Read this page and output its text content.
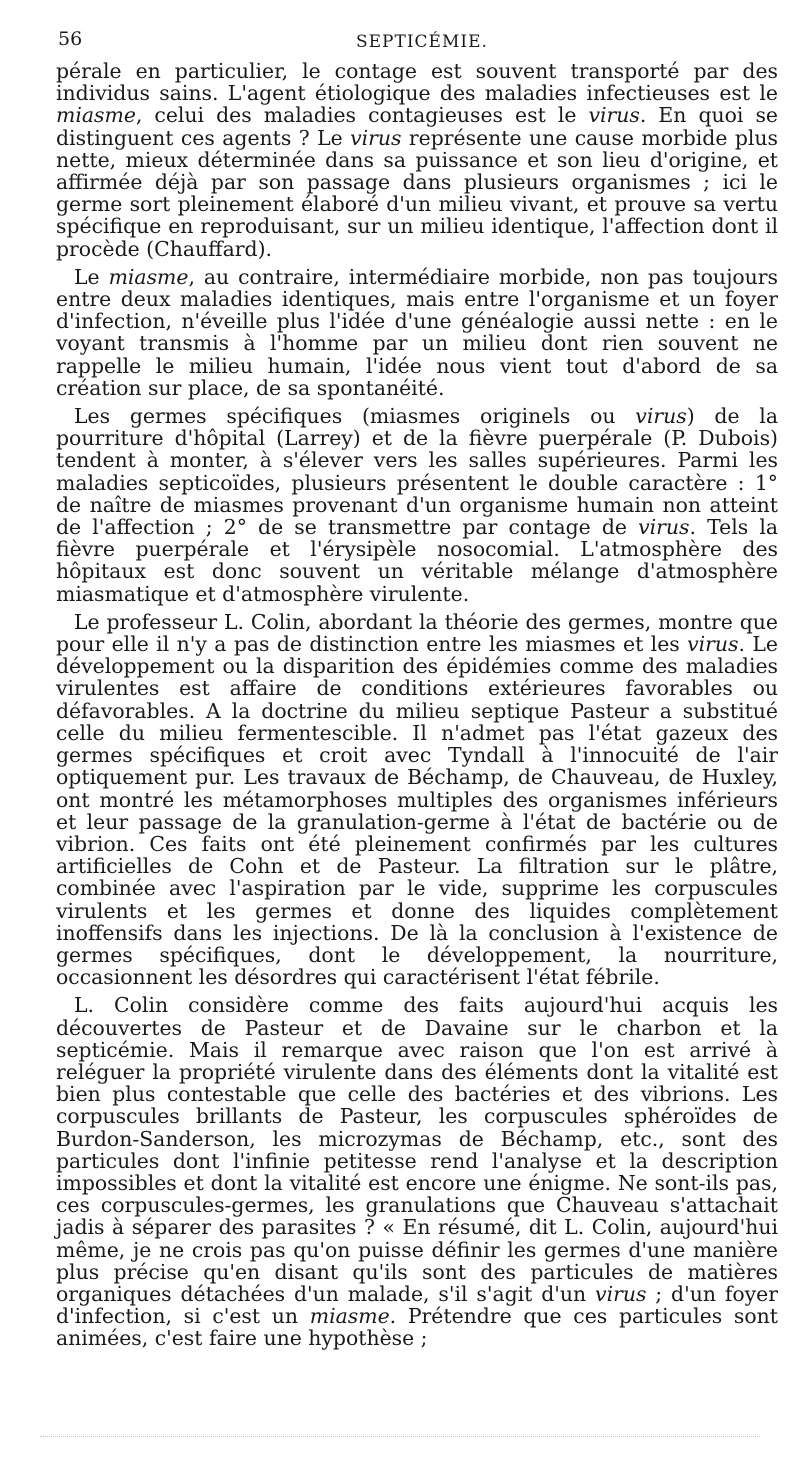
56	SEPTICÉMIE.

pérale en particulier, le contage est souvent transporté par des individus sains. L'agent étiologique des maladies infectieuses est le miasme, celui des maladies contagieuses est le virus. En quoi se distinguent ces agents ? Le virus représente une cause morbide plus nette, mieux déterminée dans sa puissance et son lieu d'origine, et affirmée déjà par son passage dans plusieurs organismes ; ici le germe sort pleinement élaboré d'un milieu vivant, et prouve sa vertu spécifique en reproduisant, sur un milieu identique, l'affection dont il procède (Chauffard).

Le miasme, au contraire, intermédiaire morbide, non pas toujours entre deux maladies identiques, mais entre l'organisme et un foyer d'infection, n'éveille plus l'idée d'une généalogie aussi nette : en le voyant transmis à l'homme par un milieu dont rien souvent ne rappelle le milieu humain, l'idée nous vient tout d'abord de sa création sur place, de sa spontanéité.

Les germes spécifiques (miasmes originels ou virus) de la pourriture d'hôpital (Larrey) et de la fièvre puerpérale (P. Dubois) tendent à monter, à s'élever vers les salles supérieures. Parmi les maladies septicoïdes, plusieurs présentent le double caractère : 1° de naître de miasmes provenant d'un organisme humain non atteint de l'affection ; 2° de se transmettre par contage de virus. Tels la fièvre puerpérale et l'érysipèle nosocomial. L'atmosphère des hôpitaux est donc souvent un véritable mélange d'atmosphère miasmatique et d'atmosphère virulente.

Le professeur L. Colin, abordant la théorie des germes, montre que pour elle il n'y a pas de distinction entre les miasmes et les virus. Le développement ou la disparition des épidémies comme des maladies virulentes est affaire de conditions extérieures favorables ou défavorables. A la doctrine du milieu septique Pasteur a substitué celle du milieu fermentescible. Il n'admet pas l'état gazeux des germes spécifiques et croit avec Tyndall à l'innocuité de l'air optiquement pur. Les travaux de Béchamp, de Chauveau, de Huxley, ont montré les métamorphoses multiples des organismes inférieurs et leur passage de la granulation-germe à l'état de bactérie ou de vibrion. Ces faits ont été pleinement confirmés par les cultures artificielles de Cohn et de Pasteur. La filtration sur le plâtre, combinée avec l'aspiration par le vide, supprime les corpuscules virulents et les germes et donne des liquides complètement inoffensifs dans les injections. De là la conclusion à l'existence de germes spécifiques, dont le développement, la nourriture, occasionnent les désordres qui caractérisent l'état fébrile.

L. Colin considère comme des faits aujourd'hui acquis les découvertes de Pasteur et de Davaine sur le charbon et la septicémie. Mais il remarque avec raison que l'on est arrivé à reléguer la propriété virulente dans des éléments dont la vitalité est bien plus contestable que celle des bactéries et des vibrions. Les corpuscules brillants de Pasteur, les corpuscules sphéroïdes de Burdon-Sanderson, les microzymas de Béchamp, etc., sont des particules dont l'infinie petitesse rend l'analyse et la description impossibles et dont la vitalité est encore une énigme. Ne sont-ils pas, ces corpuscules-germes, les granulations que Chauveau s'attachait jadis à séparer des parasites ? « En résumé, dit L. Colin, aujourd'hui même, je ne crois pas qu'on puisse définir les germes d'une manière plus précise qu'en disant qu'ils sont des particules de matières organiques détachées d'un malade, s'il s'agit d'un virus ; d'un foyer d'infection, si c'est un miasme. Prétendre que ces particules sont animées, c'est faire une hypothèse ;
